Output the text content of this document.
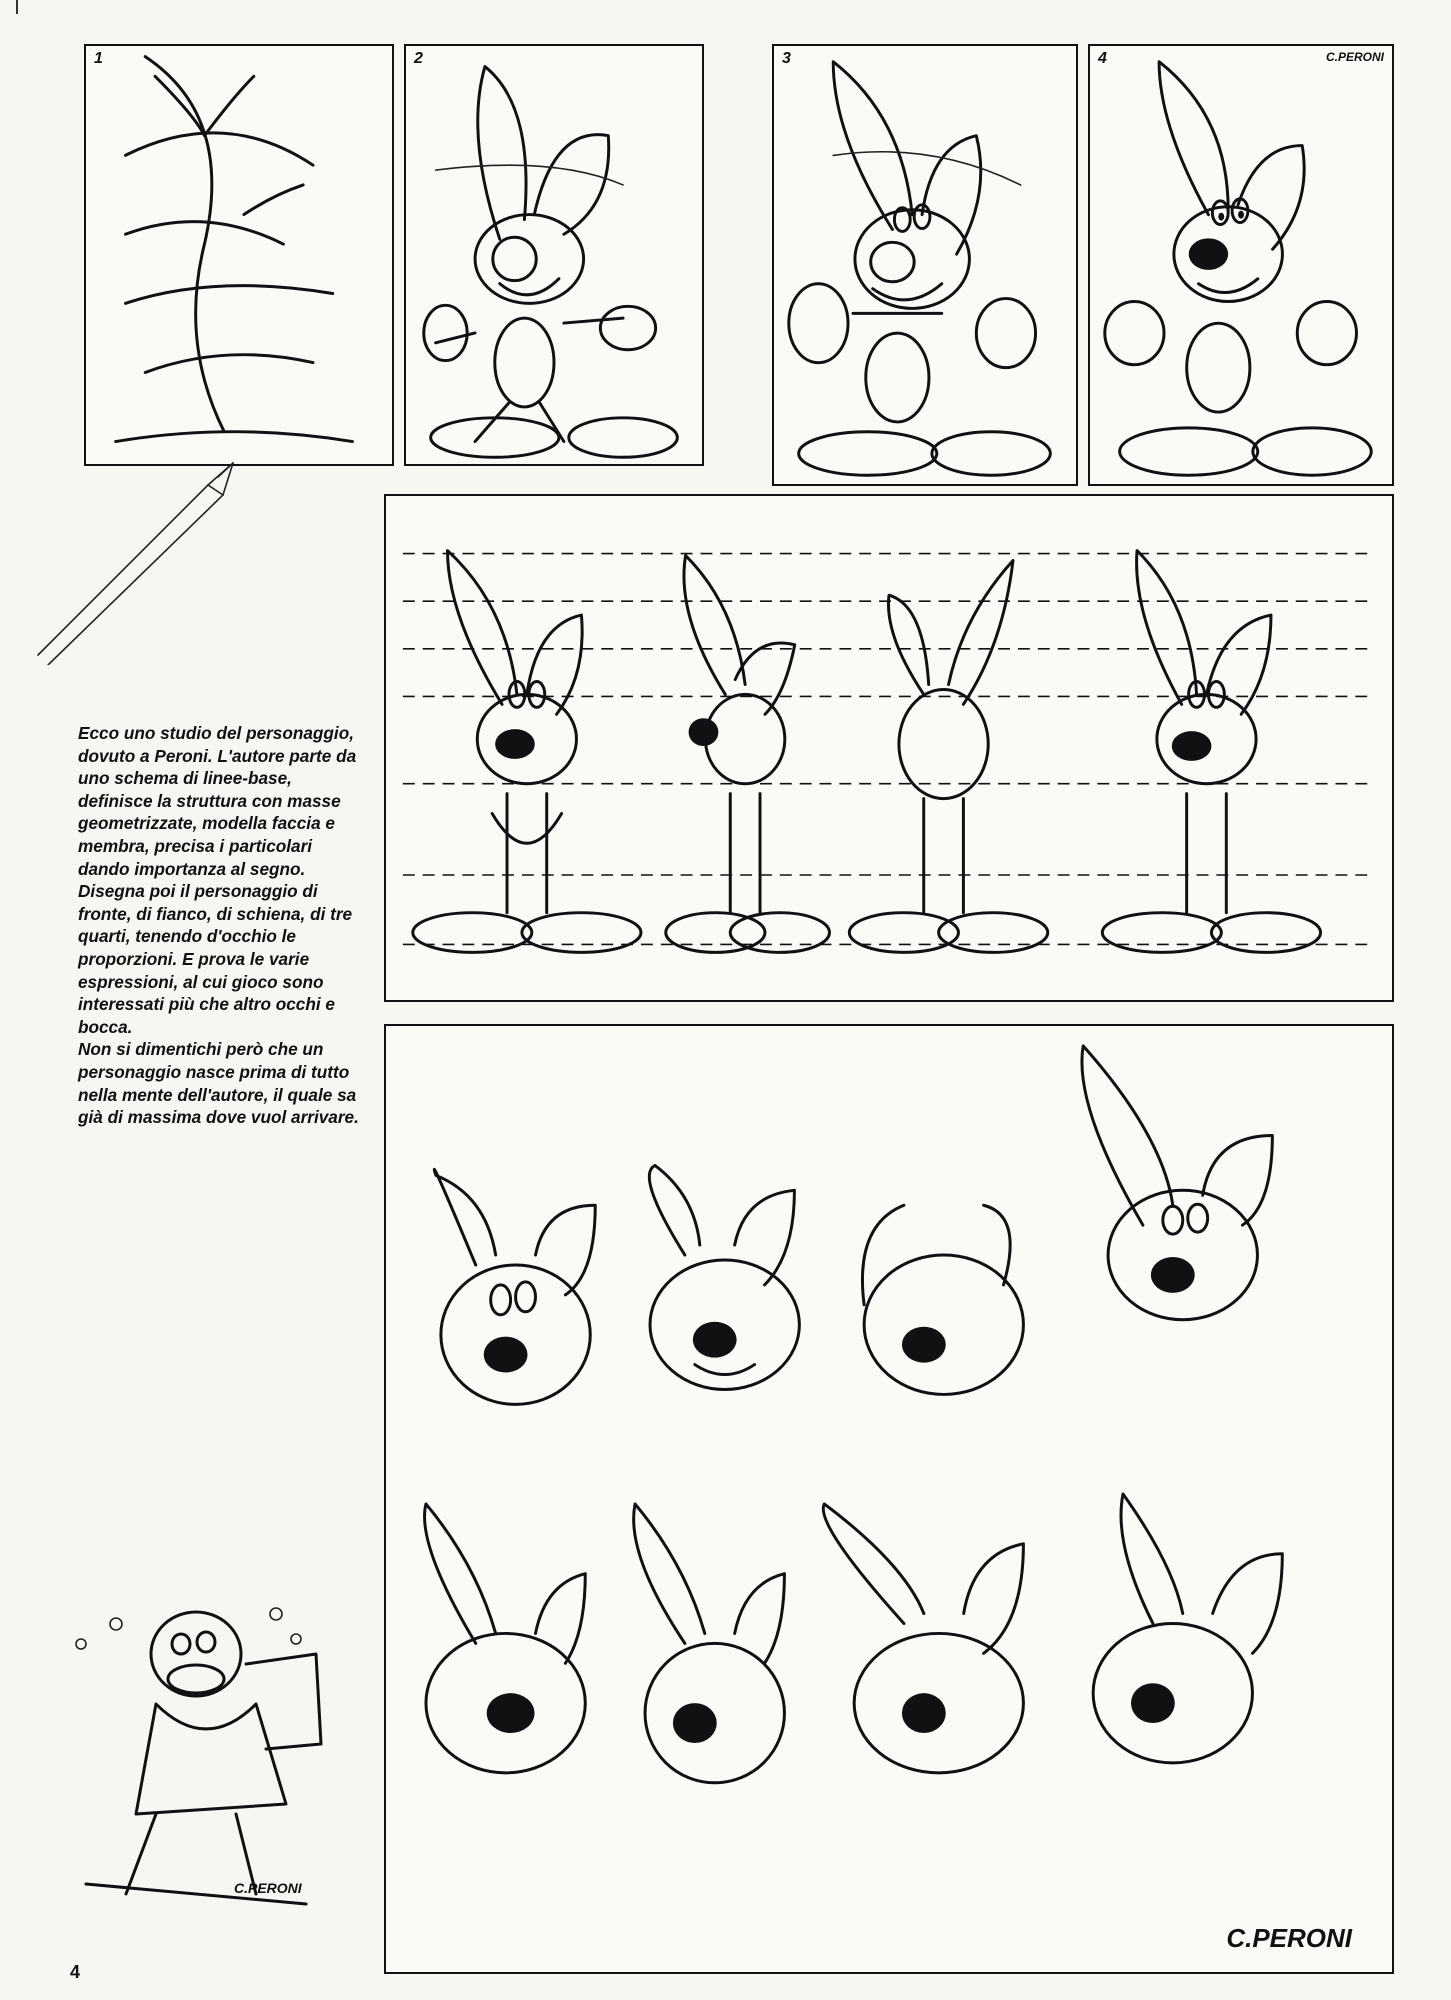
1	2	3	4	C.PERONI

Ecco uno studio del personaggio, dovuto a Peroni. L'autore parte da uno schema di linee-base, definisce la struttura con masse geometrizzate, modella faccia e membra, precisa i particolari dando importanza al segno. Disegna poi il personaggio di fronte, di fianco, di schiena, di tre quarti, tenendo d'occhio le proporzioni. E prova le varie espressioni, al cui gioco sono interessati più che altro occhi e bocca.

Non si dimentichi però che un personaggio nasce prima di tutto nella mente dell'autore, il quale sa già di massima dove vuol arrivare.

C.PERONI
C.PERONI
4
